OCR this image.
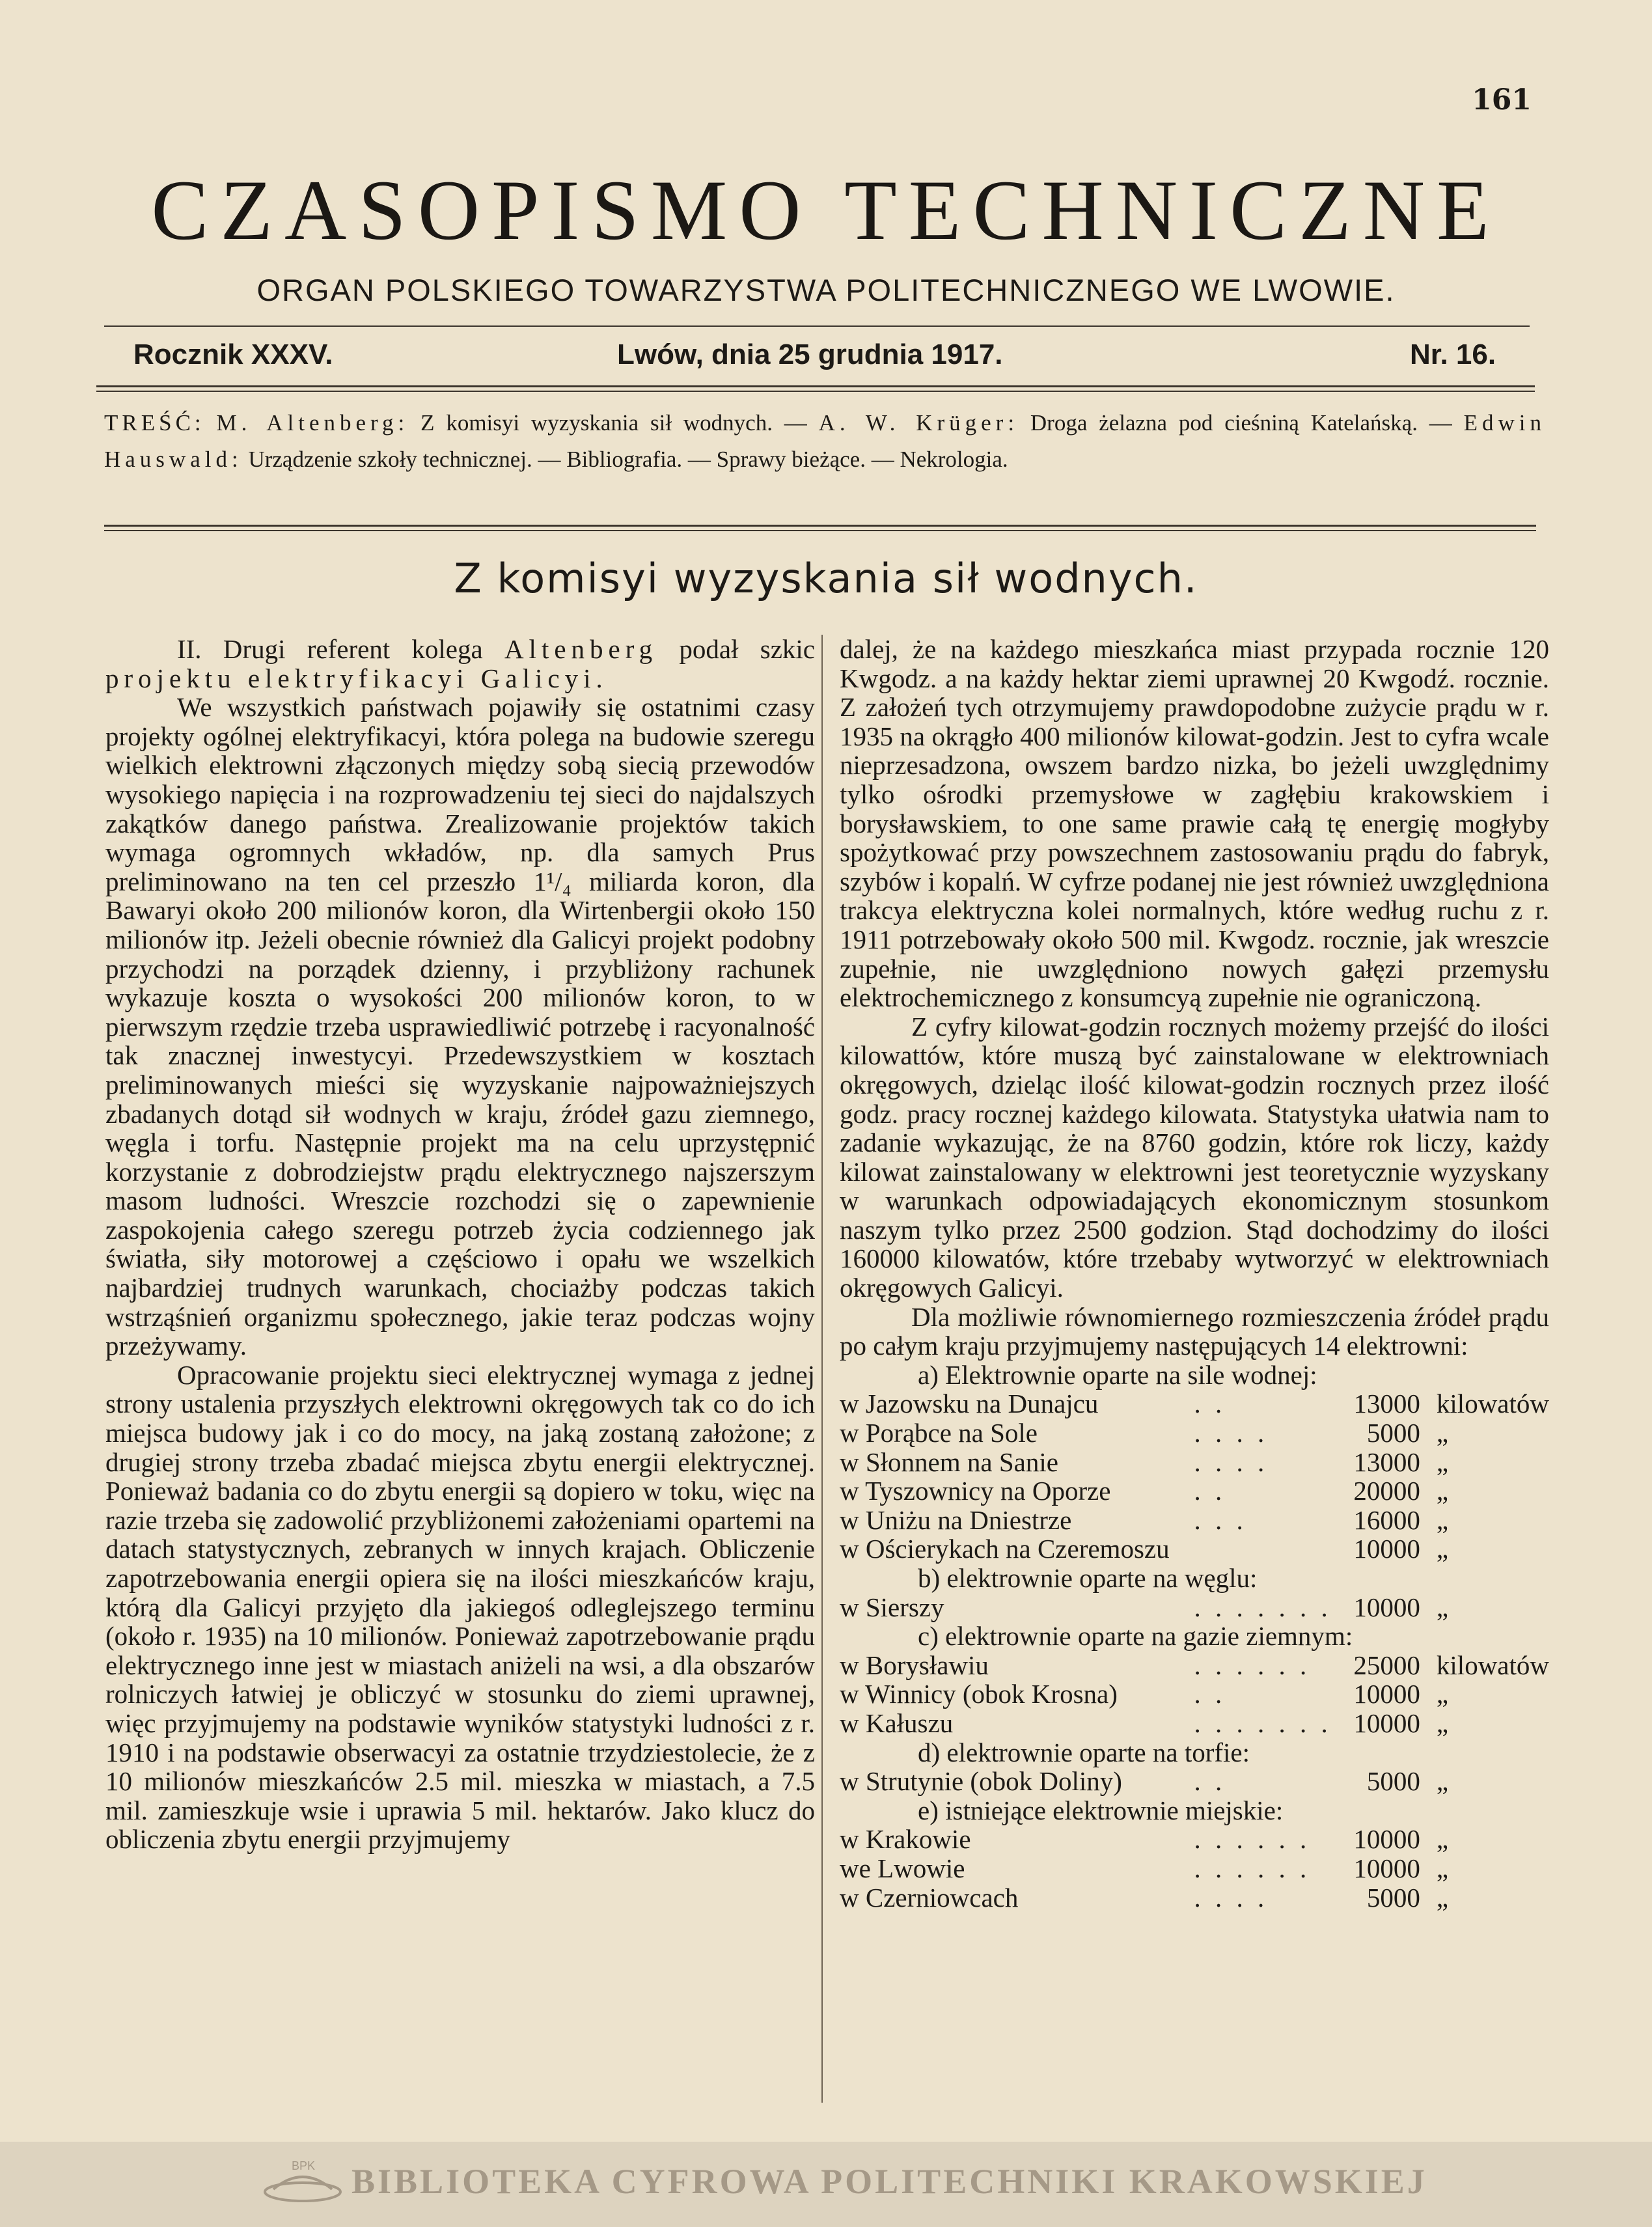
161
CZASOPISMO TECHNICZNE
ORGAN POLSKIEGO TOWARZYSTWA POLITECHNICZNEGO WE LWOWIE.
Rocznik XXXV.	Lwów, dnia 25 grudnia 1917.	Nr. 16.
TREŚĆ: M. Altenberg: Z komisyi wyzyskania sił wodnych. — A. W. Krüger: Droga żelazna pod cieśniną Katelańską. — Edwin Hauswald: Urządzenie szkoły technicznej. — Bibliografia. — Sprawy bieżące. — Nekrologia.
Z komisyi wyzyskania sił wodnych.

II. Drugi referent kolega Altenberg podał szkic projektu elektryfikacyi Galicyi.

We wszystkich państwach pojawiły się ostatnimi czasy projekty ogólnej elektryfikacyi, która polega na budowie szeregu wielkich elektrowni złączonych między sobą siecią przewodów wysokiego napięcia i na rozprowadzeniu tej sieci do najdalszych zakątków danego państwa. Zrealizowanie projektów takich wymaga ogromnych wkładów, np. dla samych Prus preliminowano na ten cel przeszło 1¹/₄ miliarda koron, dla Bawaryi około 200 milionów koron, dla Wirtenbergii około 150 milionów itp. Jeżeli obecnie również dla Galicyi projekt podobny przychodzi na porządek dzienny, i przybliżony rachunek wykazuje koszta o wysokości 200 milionów koron, to w pierwszym rzędzie trzeba usprawiedliwić potrzebę i racyonalność tak znacznej inwestycyi. Przedewszystkiem w kosztach preliminowanych mieści się wyzyskanie najpoważniejszych zbadanych dotąd sił wodnych w kraju, źródeł gazu ziemnego, węgla i torfu. Następnie projekt ma na celu uprzystępnić korzystanie z dobrodziejstw prądu elektrycznego najszerszym masom ludności. Wreszcie rozchodzi się o zapewnienie zaspokojenia całego szeregu potrzeb życia codziennego jak światła, siły motorowej a częściowo i opału we wszelkich najbardziej trudnych warunkach, chociażby podczas takich wstrząśnień organizmu społecznego, jakie teraz podczas wojny przeżywamy.

Opracowanie projektu sieci elektrycznej wymaga z jednej strony ustalenia przyszłych elektrowni okręgowych tak co do ich miejsca budowy jak i co do mocy, na jaką zostaną założone; z drugiej strony trzeba zbadać miejsca zbytu energii elektrycznej. Ponieważ badania co do zbytu energii są dopiero w toku, więc na razie trzeba się zadowolić przybliżonemi założeniami opartemi na datach statystycznych, zebranych w innych krajach. Obliczenie zapotrzebowania energii opiera się na ilości mieszkańców kraju, którą dla Galicyi przyjęto dla jakiegoś odleglejszego terminu (około r. 1935) na 10 milionów. Ponieważ zapotrzebowanie prądu elektrycznego inne jest w miastach aniżeli na wsi, a dla obszarów rolniczych łatwiej je obliczyć w stosunku do ziemi uprawnej, więc przyjmujemy na podstawie wyników statystyki ludności z r. 1910 i na podstawie obserwacyi za ostatnie trzydziestolecie, że z 10 milionów mieszkańców 2.5 mil. mieszka w miastach, a 7.5 mil. zamieszkuje wsie i uprawia 5 mil. hektarów. Jako klucz do obliczenia zbytu energii przyjmujemy

dalej, że na każdego mieszkańca miast przypada rocznie 120 Kwgodz. a na każdy hektar ziemi uprawnej 20 Kwgodź. rocznie. Z założeń tych otrzymujemy prawdopodobne zużycie prądu w r. 1935 na okrągło 400 milionów kilowat-godzin. Jest to cyfra wcale nieprzesadzona, owszem bardzo nizka, bo jeżeli uwzględnimy tylko ośrodki przemysłowe w zagłębiu krakowskiem i borysławskiem, to one same prawie całą tę energię mogłyby spożytkować przy powszechnem zastosowaniu prądu do fabryk, szybów i kopalń. W cyfrze podanej nie jest również uwzględniona trakcya elektryczna kolei normalnych, które według ruchu z r. 1911 potrzebowały około 500 mil. Kwgodz. rocznie, jak wreszcie zupełnie, nie uwzględniono nowych gałęzi przemysłu elektrochemicznego z konsumcyą zupełnie nie ograniczoną.

Z cyfry kilowat-godzin rocznych możemy przejść do ilości kilowattów, które muszą być zainstalowane w elektrowniach okręgowych, dzieląc ilość kilowat-godzin rocznych przez ilość godz. pracy rocznej każdego kilowata. Statystyka ułatwia nam to zadanie wykazując, że na 8760 godzin, które rok liczy, każdy kilowat zainstalowany w elektrowni jest teoretycznie wyzyskany w warunkach odpowiadających ekonomicznym stosunkom naszym tylko przez 2500 godzion. Stąd dochodzimy do ilości 160000 kilowatów, które trzebaby wytworzyć w elektrowniach okręgowych Galicyi.

Dla możliwie równomiernego rozmieszczenia źródeł prądu po całym kraju przyjmujemy następujących 14 elektrowni:

a) Elektrownie oparte na sile wodnej:			
w Jazowsku na Dunajcu	. .	13000	kilowatów
w Porąbce na Sole	. . . .	5000	„
w Słonnem na Sanie	. . . .	13000	„
w Tyszownicy na Oporze	. .	20000	„
w Uniżu na Dniestrze	. . .	16000	„
w Ościerykach na Czeremoszu		10000	„
b) elektrownie oparte na węglu:			
w Sierszy	. . . . . . .	10000	„
c) elektrownie oparte na gazie ziemnym:			
w Borysławiu	. . . . . .	25000	kilowatów
w Winnicy (obok Krosna)	. .	10000	„
w Kałuszu	. . . . . . .	10000	„
d) elektrownie oparte na torfie:			
w Strutynie (obok Doliny)	. .	5000	„
e) istniejące elektrownie miejskie:			
w Krakowie	. . . . . .	10000	„
we Lwowie	. . . . . .	10000	„
w Czerniowcach	. . . .	5000	„
BPK BIBLIOTEKA CYFROWA POLITECHNIKI KRAKOWSKIEJ
